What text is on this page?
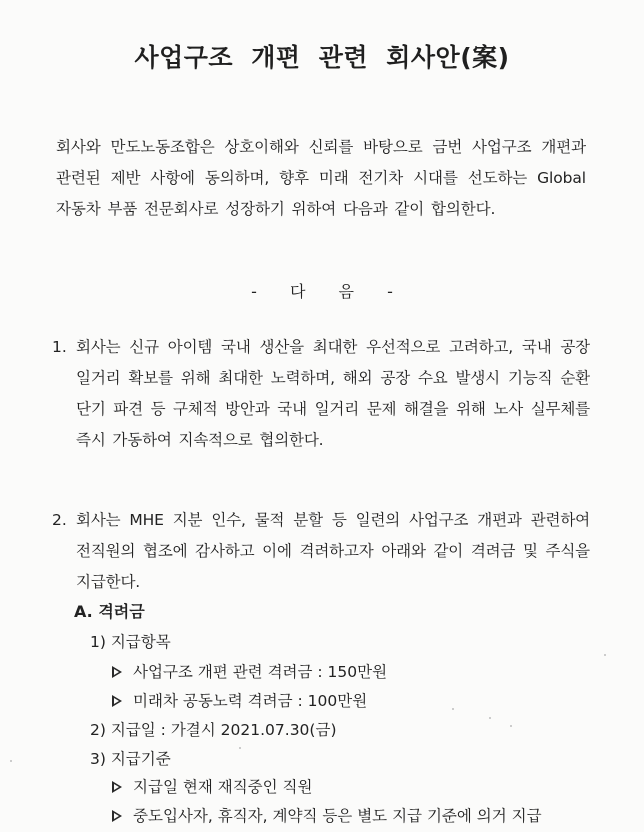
사업구조 개편 관련 회사안(案)
회사와 만도노동조합은 상호이해와 신뢰를 바탕으로 금번 사업구조 개편과 관련된 제반 사항에 동의하며, 향후 미래 전기차 시대를 선도하는 Global 자동차 부품 전문회사로 성장하기 위하여 다음과 같이 합의한다.
- 다 음 -
1. 회사는 신규 아이템 국내 생산을 최대한 우선적으로 고려하고, 국내 공장 일거리 확보를 위해 최대한 노력하며, 해외 공장 수요 발생시 기능직 순환 단기 파견 등 구체적 방안과 국내 일거리 문제 해결을 위해 노사 실무체를 즉시 가동하여 지속적으로 협의한다.
2. 회사는 MHE 지분 인수, 물적 분할 등 일련의 사업구조 개편과 관련하여 전직원의 협조에 감사하고 이에 격려하고자 아래와 같이 격려금 및 주식을 지급한다.
A. 격려금
1) 지급항목
사업구조 개편 관련 격려금 : 150만원
미래차 공동노력 격려금 : 100만원
2) 지급일 : 가결시 2021.07.30(금)
3) 지급기준
지급일 현재 재직중인 직원
중도입사자, 휴직자, 계약직 등은 별도 지급 기준에 의거 지급
